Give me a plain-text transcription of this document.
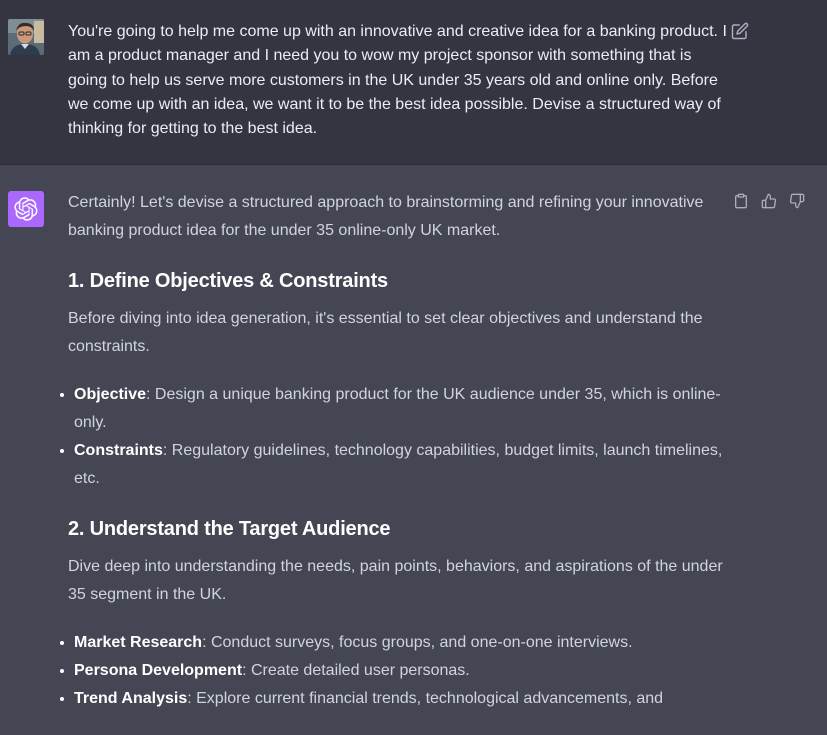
You're going to help me come up with an innovative and creative idea for a banking product. I am a product manager and I need you to wow my project sponsor with something that is going to help us serve more customers in the UK under 35 years old and online only. Before we come up with an idea, we want it to be the best idea possible. Devise a structured way of thinking for getting to the best idea.

Certainly! Let's devise a structured approach to brainstorming and refining your innovative banking product idea for the under 35 online-only UK market.

1. Define Objectives & Constraints

Before diving into idea generation, it's essential to set clear objectives and understand the constraints.

Objective: Design a unique banking product for the UK audience under 35, which is online-only.
Constraints: Regulatory guidelines, technology capabilities, budget limits, launch timelines, etc.
2. Understand the Target Audience

Dive deep into understanding the needs, pain points, behaviors, and aspirations of the under 35 segment in the UK.

Market Research: Conduct surveys, focus groups, and one-on-one interviews.
Persona Development: Create detailed user personas.
Trend Analysis: Explore current financial trends, technological advancements, and
